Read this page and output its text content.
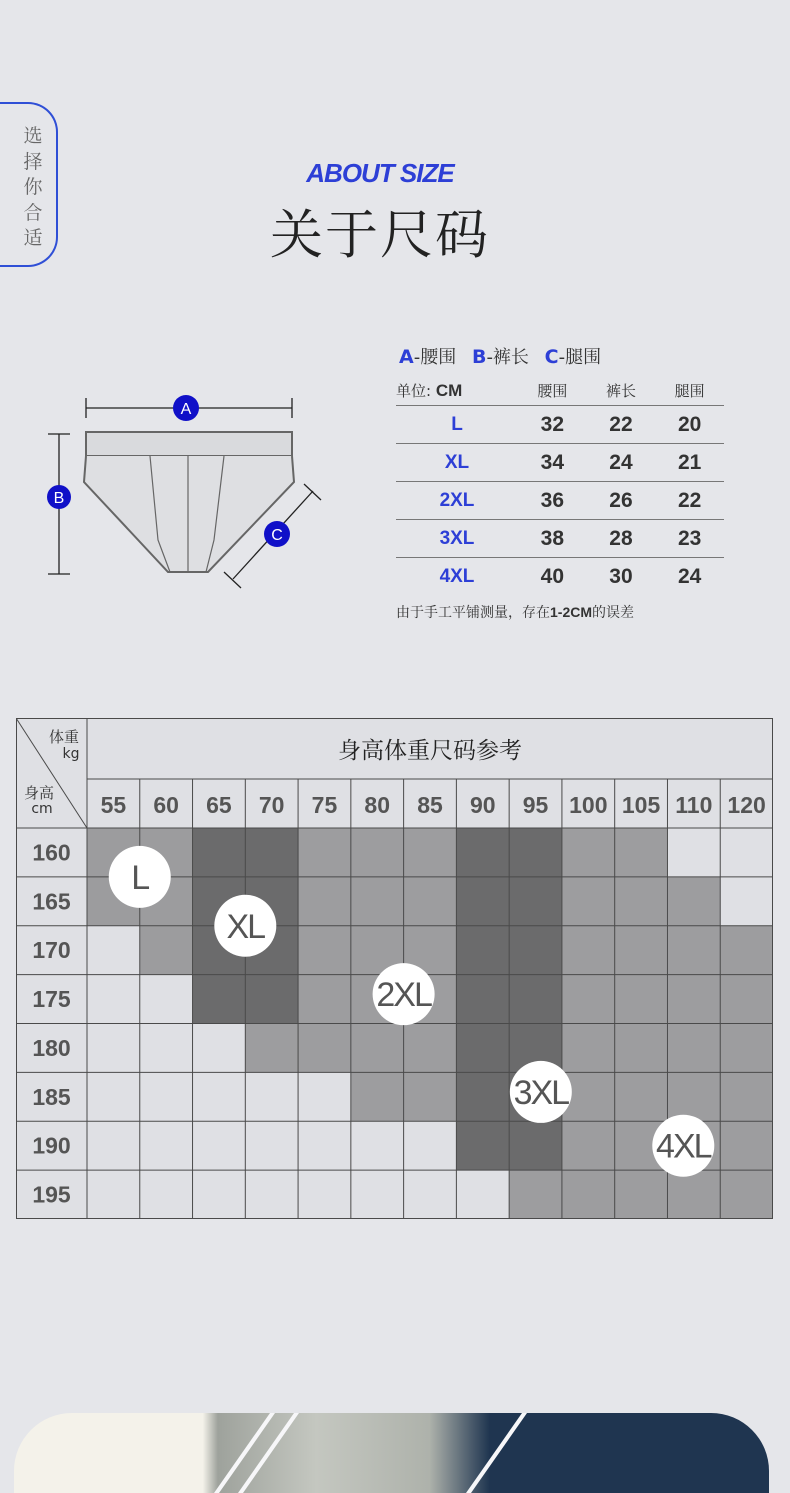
选择你合适
ABOUT SIZE
关于尺码
A
B
C
A-腰围 B-裤长 C-腿围
单位: CM	腰围	裤长	腿围
L	32	22	20
XL	34	24	21
2XL	36	26	22
3XL	38	28	23
4XL	40	30	24
由于手工平铺测量，存在1-2CM的误差
体重
kg
身高
cm
身高体重尺码参考
55 60 65 70 75 80 85 90 95 100 105 110 120
160
165
170
175
180
185
190
195
L
XL
2XL
3XL
4XL
